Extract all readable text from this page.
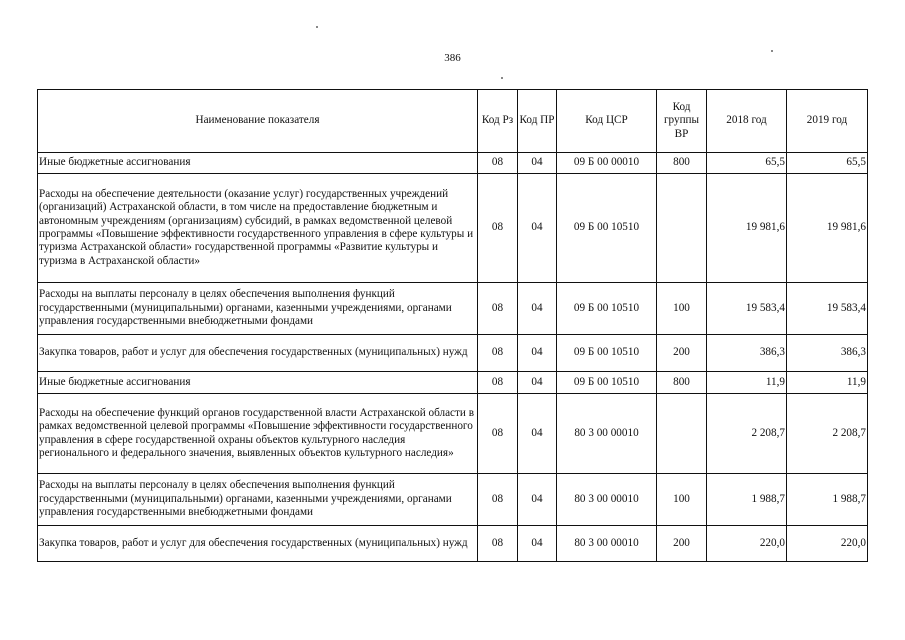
386
Наименование показателя	Код Рз	Код ПР	Код ЦСР	Код группы ВР	2018 год	2019 год
Иные бюджетные ассигнования	08	04	09 Б 00 00010	800	65,5	65,5
Расходы на обеспечение деятельности (оказание услуг) государственных учреждений (организаций) Астраханской области, в том числе на предоставление бюджетным и автономным учреждениям (организациям) субсидий, в рамках ведомственной целевой программы «Повышение эффективности государственного управления в сфере культуры и туризма Астраханской области» государственной программы «Развитие культуры и туризма в Астраханской области»	08	04	09 Б 00 10510		19 981,6	19 981,6
Расходы на выплаты персоналу в целях обеспечения выполнения функций государственными (муниципальными) органами, казенными учреждениями, органами управления государственными внебюджетными фондами	08	04	09 Б 00 10510	100	19 583,4	19 583,4
Закупка товаров, работ и услуг для обеспечения государственных (муниципальных) нужд	08	04	09 Б 00 10510	200	386,3	386,3
Иные бюджетные ассигнования	08	04	09 Б 00 10510	800	11,9	11,9
Расходы на обеспечение функций органов государственной власти Астраханской области в рамках ведомственной целевой программы «Повышение эффективности государственного управления в сфере государственной охраны объектов культурного наследия регионального и федерального значения, выявленных объектов культурного наследия»	08	04	80 3 00 00010		2 208,7	2 208,7
Расходы на выплаты персоналу в целях обеспечения выполнения функций государственными (муниципальными) органами, казенными учреждениями, органами управления государственными внебюджетными фондами	08	04	80 3 00 00010	100	1 988,7	1 988,7
Закупка товаров, работ и услуг для обеспечения государственных (муниципальных) нужд	08	04	80 3 00 00010	200	220,0	220,0
